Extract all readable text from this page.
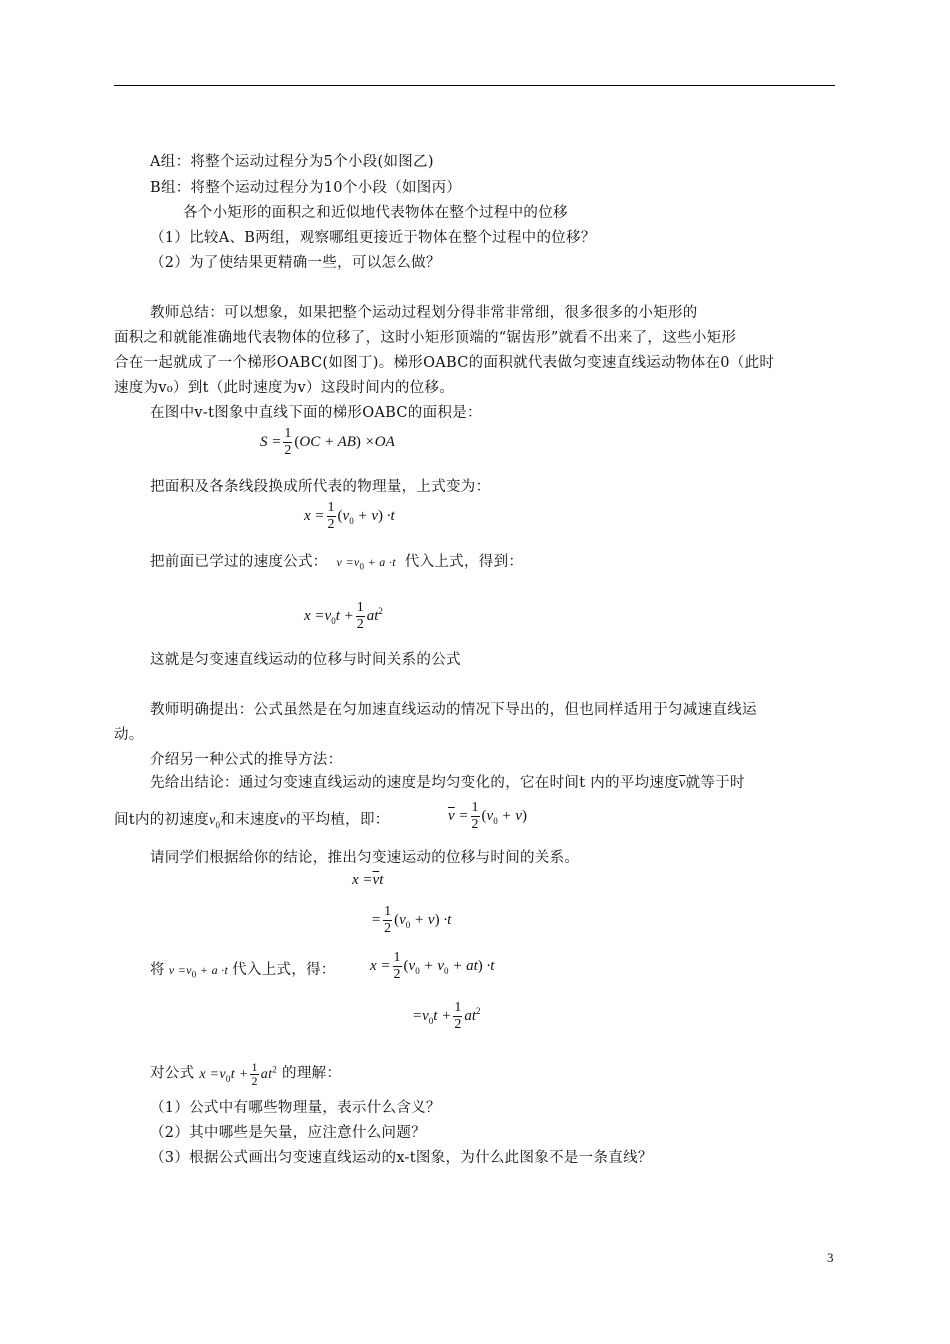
A组：将整个运动过程分为5个小段(如图乙)
B组：将整个运动过程分为10个小段（如图丙）
各个小矩形的面积之和近似地代表物体在整个过程中的位移
（1）比较A、B两组，观察哪组更接近于物体在整个过程中的位移？
（2）为了使结果更精确一些，可以怎么做？
教师总结：可以想象，如果把整个运动过程划分得非常非常细，很多很多的小矩形的
面积之和就能准确地代表物体的位移了，这时小矩形顶端的“锯齿形”就看不出来了，这些小矩形
合在一起就成了一个梯形OABC(如图丁)。梯形OABC的面积就代表做匀变速直线运动物体在0（此时
速度为v₀）到t（此时速度为v）这段时间内的位移。
在图中v-t图象中直线下面的梯形OABC的面积是：
$S = \frac{1}{2} (OC + AB) \times OA$
把面积及各条线段换成所代表的物理量，上式变为：
$x = \frac{1}{2} (v_0 + v) \cdot t$
把前面已学过的速度公式： $v =v_0 + a \cdot t$ 代入上式，得到：
$x =v_0t + \frac{1}{2} at^2$
这就是匀变速直线运动的位移与时间关系的公式
教师明确提出：公式虽然是在匀加速直线运动的情况下导出的，但也同样适用于匀减速直线运
动。
介绍另一种公式的推导方法：
先给出结论：通过匀变速直线运动的速度是均匀变化的，它在时间t 内的平均速度$\overline{v}$就等于时
间t内的初速度$v_0$和末速度v的平均植，即：	$\overline{v} = \frac{1}{2} (v_0 + v)$
请同学们根据给你的结论，推出匀变速运动的位移与时间的关系。
$x =\overline{v}t$
= $\frac{1}{2} (v_0 + v) \cdot t$
将 $v =v_0 + a \cdot t$ 代入上式，得： $x = \frac{1}{2} (v_0 + v_0 + at) \cdot t$
$=v_0t + \frac{1}{2} at^2$
对公式 $x =v_0t + \frac{1}{2} at^2$ 的理解：
（1）公式中有哪些物理量，表示什么含义？
（2）其中哪些是矢量，应注意什么问题？
（3）根据公式画出匀变速直线运动的x-t图象，为什么此图象不是一条直线？
3
